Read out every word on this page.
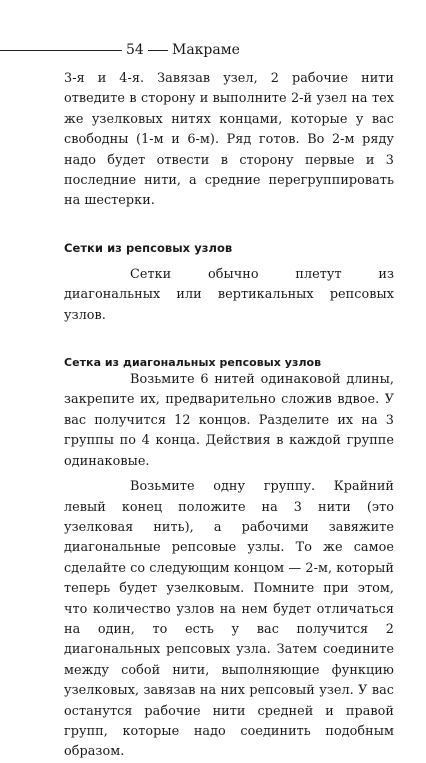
54 Макраме

3-я и 4-я. Завязав узел, 2 рабочие нити отведите в сторону и выполните 2-й узел на тех же узелковых нитях концами, которые у вас свободны (1-м и 6-м). Ряд готов. Во 2-м ряду надо будет отвести в сторону первые и 3 последние нити, а средние перегруппировать на шестерки.

Сетки из репсовых узлов

Сетки обычно плетут из диагональных или вертикальных репсовых узлов.

Сетка из диагональных репсовых узлов

Возьмите 6 нитей одинаковой длины, закрепите их, предварительно сложив вдвое. У вас получится 12 концов. Разделите их на 3 группы по 4 конца. Действия в каждой группе одинаковые.

Возьмите одну группу. Крайний левый конец положите на 3 нити (это узелковая нить), а рабочими завяжите диагональные репсовые узлы. То же самое сделайте со следующим концом — 2-м, который теперь будет узелковым. Помните при этом, что количество узлов на нем будет отличаться на один, то есть у вас получится 2 диагональных репсовых узла. Затем соедините между собой нити, выполняющие функцию узелковых, завязав на них репсовый узел. У вас останутся рабочие нити средней и правой групп, которые надо соединить подобным образом.
